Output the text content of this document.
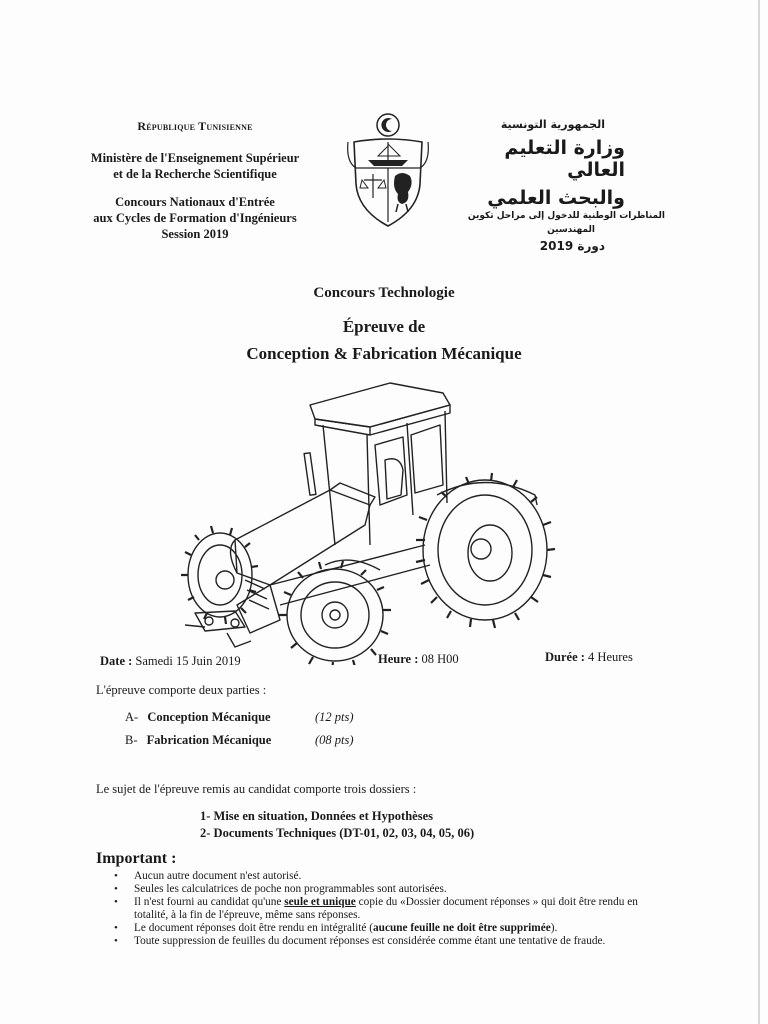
République Tunisienne
Ministère de l'Enseignement Supérieur
et de la Recherche Scientifique
Concours Nationaux d'Entrée
aux Cycles de Formation d'Ingénieurs
Session 2019
الجمهورية التونسية
وزارة التعليم العالي
والبحث العلمي
المناظرات الوطنية للدخول إلى مراحل تكوين
المهندسين
دورة 2019
Concours Technologie
Épreuve de
Conception & Fabrication Mécanique
Date : Samedi 15 Juin 2019	Heure : 08 H00	Durée : 4 Heures
L'épreuve comporte deux parties :
A- Conception Mécanique	(12 pts)
B- Fabrication Mécanique	(08 pts)
Le sujet de l'épreuve remis au candidat comporte trois dossiers :
1- Mise en situation, Données et Hypothèses
2- Documents Techniques (DT-01, 02, 03, 04, 05, 06)
Important :
• Aucun autre document n'est autorisé.
• Seules les calculatrices de poche non programmables sont autorisées.
• Il n'est fourni au candidat qu'une seule et unique copie du «Dossier document réponses » qui doit être rendu en totalité, à la fin de l'épreuve, même sans réponses.
• Le document réponses doit être rendu en intégralité (aucune feuille ne doit être supprimée).
• Toute suppression de feuilles du document réponses est considérée comme étant une tentative de fraude.
